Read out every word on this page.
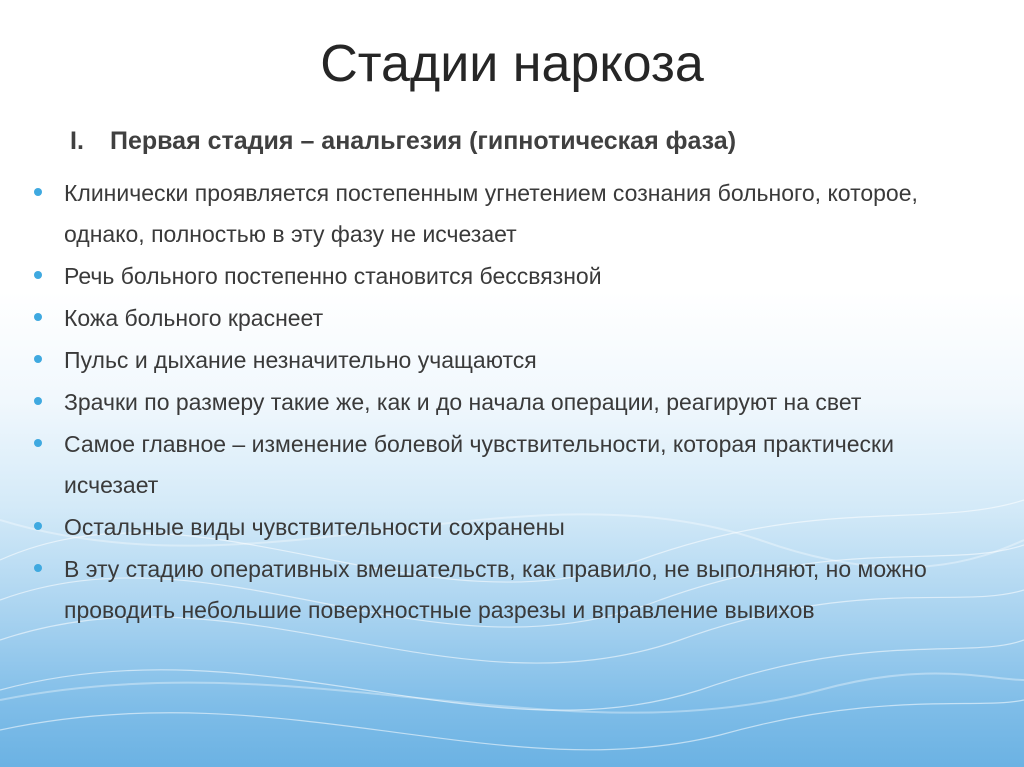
Стадии наркоза
I. Первая стадия – анальгезия (гипнотическая фаза)
Клинически проявляется постепенным угнетением сознания больного, которое, однако, полностью в эту фазу не исчезает
Речь больного постепенно становится бессвязной
Кожа больного краснеет
Пульс и дыхание незначительно учащаются
Зрачки по размеру такие же, как и до начала операции, реагируют на свет
Самое главное – изменение болевой чувствительности, которая практически исчезает
Остальные виды чувствительности сохранены
В эту стадию оперативных вмешательств, как правило, не выполняют, но можно проводить небольшие поверхностные разрезы и вправление вывихов
